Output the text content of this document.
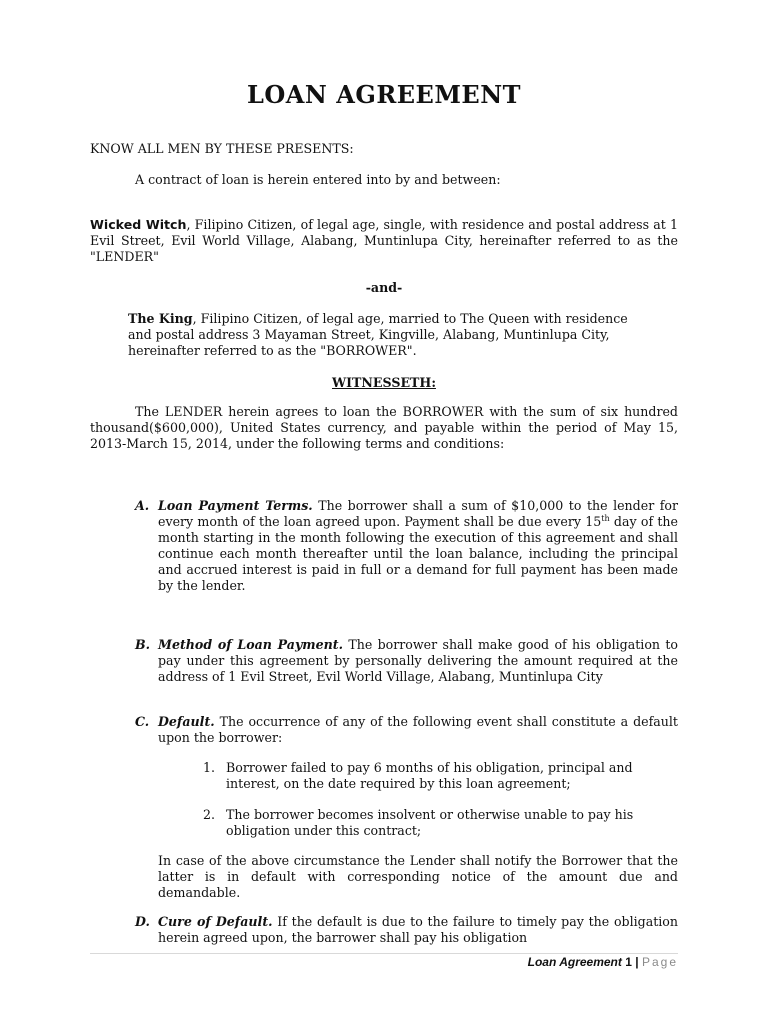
LOAN AGREEMENT
KNOW ALL MEN BY THESE PRESENTS:
A contract of loan is herein entered into by and between:
Wicked Witch, Filipino Citizen, of legal age, single, with residence and postal address at 1 Evil Street, Evil World Village, Alabang, Muntinlupa City, hereinafter referred to as the "LENDER"
-and-
The King, Filipino Citizen, of legal age, married to The Queen with residence and postal address 3 Mayaman Street, Kingville, Alabang, Muntinlupa City, hereinafter referred to as the "BORROWER".
WITNESSETH:
The LENDER herein agrees to loan the BORROWER with the sum of six hundred thousand($600,000), United States currency, and payable within the period of May 15, 2013-March 15, 2014, under the following terms and conditions:
A. Loan Payment Terms. The borrower shall a sum of $10,000 to the lender for every month of the loan agreed upon. Payment shall be due every 15th day of the month starting in the month following the execution of this agreement and shall continue each month thereafter until the loan balance, including the principal and accrued interest is paid in full or a demand for full payment has been made by the lender.
B. Method of Loan Payment. The borrower shall make good of his obligation to pay under this agreement by personally delivering the amount required at the address of 1 Evil Street, Evil World Village, Alabang, Muntinlupa City
C. Default. The occurrence of any of the following event shall constitute a default upon the borrower:
1. Borrower failed to pay 6 months of his obligation, principal and interest, on the date required by this loan agreement;
2. The borrower becomes insolvent or otherwise unable to pay his obligation under this contract;
In case of the above circumstance the Lender shall notify the Borrower that the latter is in default with corresponding notice of the amount due and demandable.
D. Cure of Default. If the default is due to the failure to timely pay the obligation herein agreed upon, the barrower shall pay his obligation
Loan Agreement 1 | Page
